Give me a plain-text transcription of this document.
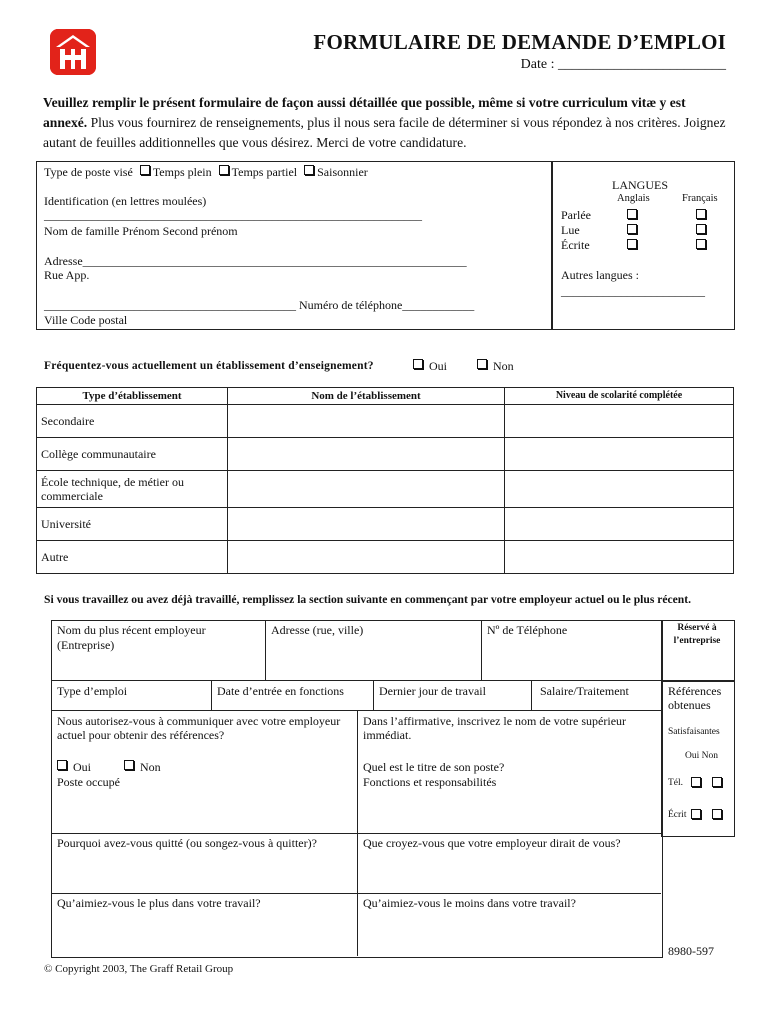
FORMULAIRE DE DEMANDE D’EMPLOI
Date : ________________________
Veuillez remplir le présent formulaire de façon aussi détaillée que possible, même si votre curriculum vitæ y est annexé. Plus vous fournirez de renseignements, plus il nous sera facile de déterminer si vous répondez à nos critères. Joignez autant de feuilles additionnelles que vous désirez. Merci de votre candidature.
Type de poste visé Temps plein Temps partiel Saisonnier
Identification (en lettres moulées)
_______________________________________________________________
Nom de famille Prénom Second prénom
Adresse________________________________________________________________
Rue App.
__________________________________________ Numéro de téléphone____________
Ville Code postal
LANGUES
Anglais	Français
Parlée
Lue
Écrite
Autres langues :
________________________
Fréquentez-vous actuellement un établissement d’enseignement?	Oui	Non
Type d’établissement	Nom de l’établissement	Niveau de scolarité complétée
Secondaire		
Collège communautaire		
École technique, de métier ou commerciale		
Université		
Autre		
Si vous travaillez ou avez déjà travaillé, remplissez la section suivante en commençant par votre employeur actuel ou le plus récent.
Nom du plus récent employeur (Entreprise)
Adresse (rue, ville)	Nº de Téléphone
Type d’emploi	Date d’entrée en fonctions	Dernier jour de travail	Salaire/Traitement
Nous autorisez-vous à communiquer avec votre employeur actuel pour obtenir des références?
Oui	Non
Poste occupé
Dans l’affirmative, inscrivez le nom de votre supérieur immédiat.
Quel est le titre de son poste?
Fonctions et responsabilités
Pourquoi avez-vous quitté (ou songez-vous à quitter)?	Que croyez-vous que votre employeur dirait de vous?
Qu’aimiez-vous le plus dans votre travail?	Qu’aimiez-vous le moins dans votre travail?
Réservé à l’entreprise
Références obtenues
Satisfaisantes
Oui Non
Tél.
Écrit
8980-597
© Copyright 2003, The Graff Retail Group
